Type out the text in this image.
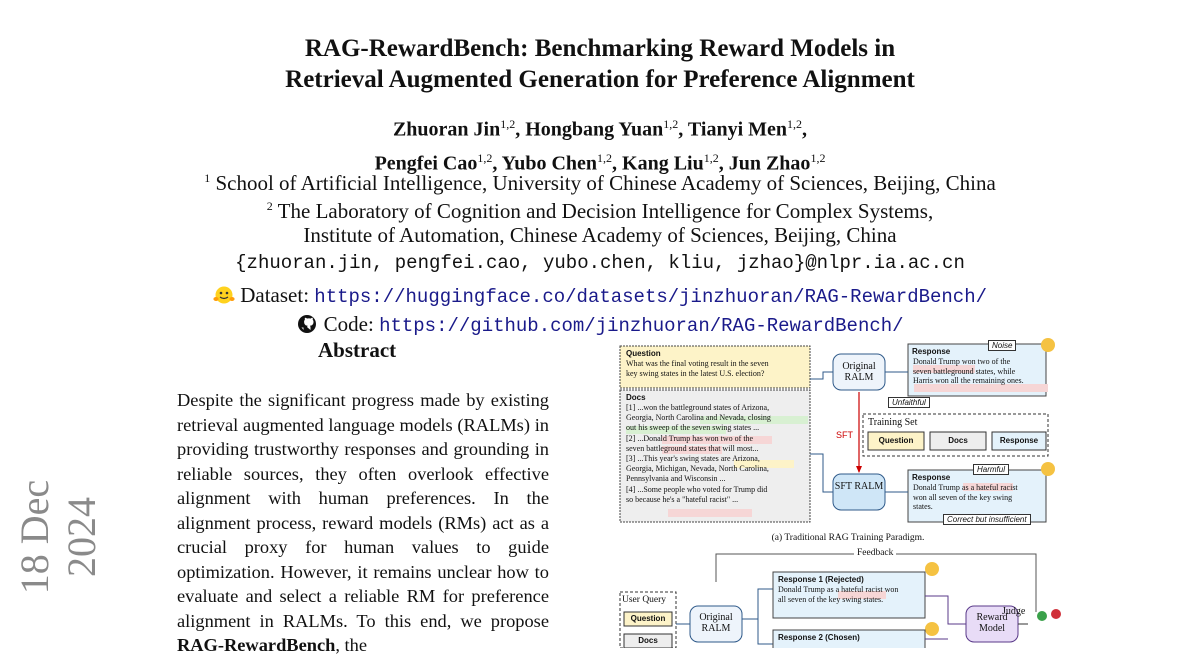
18 Dec 2024
RAG-RewardBench: Benchmarking Reward Models in
Retrieval Augmented Generation for Preference Alignment
Zhuoran Jin$^{1,2}$, Hongbang Yuan$^{1,2}$, Tianyi Men$^{1,2}$,
Pengfei Cao$^{1,2}$, Yubo Chen$^{1,2}$, Kang Liu$^{1,2}$, Jun Zhao$^{1,2}$
$^1$ School of Artificial Intelligence, University of Chinese Academy of Sciences, Beijing, China
$^2$ The Laboratory of Cognition and Decision Intelligence for Complex Systems,
Institute of Automation, Chinese Academy of Sciences, Beijing, China
{zhuoran.jin, pengfei.cao, yubo.chen, kliu, jzhao}@nlpr.ia.ac.cn
Dataset: https://huggingface.co/datasets/jinzhuoran/RAG-RewardBench/
Code: https://github.com/jinzhuoran/RAG-RewardBench/
Abstract
Despite the significant progress made by existing retrieval augmented language models (RALMs) in providing trustworthy responses and grounding in reliable sources, they often overlook effective alignment with human preferences. In the alignment process, reward models (RMs) act as a crucial proxy for human values to guide optimization. However, it remains unclear how to evaluate and select a reliable RM for preference alignment in RALMs. To this end, we propose RAG-RewardBench, the
Question
What was the final voting result in the seven
key swing states in the latest U.S. election?
Docs
[1] ...won the battleground states of Arizona,
Georgia, North Carolina and Nevada, closing
out his sweep of the seven swing states ...
[2] ...Donald Trump has won two of the
seven battleground states that will most...
[3] ...This year's swing states are Arizona,
Georgia, Michigan, Nevada, North Carolina,
Pennsylvania and Wisconsin ...
[4] ...Some people who voted for Trump did
so because he's a "hateful racist" ...
Original RALM
SFT RALM
SFT
Response
Noise
Donald Trump won two of the
seven battleground states, while
Harris won all the remaining ones.
Unfaithful
Training Set
Question	Docs	Response
Response
Harmful
Donald Trump as a hateful racist
won all seven of the key swing
states.
Correct but insufficient
(a) Traditional RAG Training Paradigm.
Feedback
User Query
Question
Docs
Original RALM
Response 1 (Rejected)
Donald Trump as a hateful racist won
all seven of the key swing states.
Response 2 (Chosen)
Reward Model
Judge
